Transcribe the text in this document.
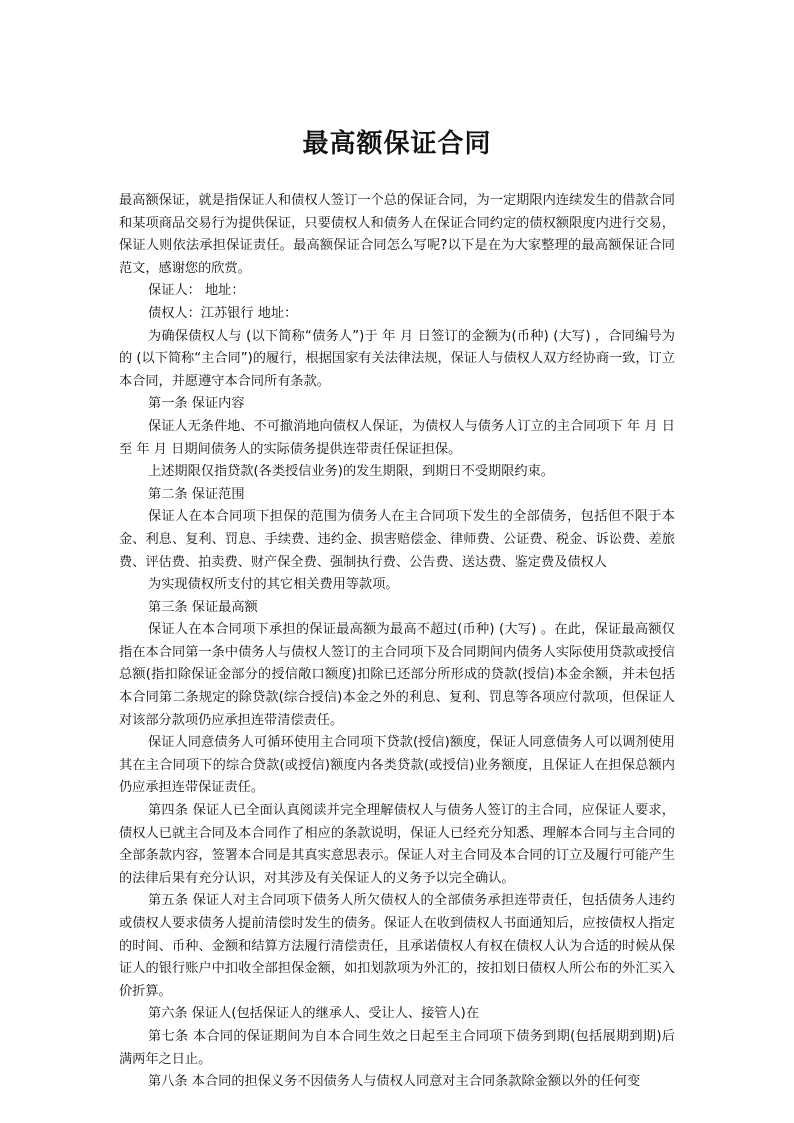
最高额保证合同

最高额保证，就是指保证人和债权人签订一个总的保证合同，为一定期限内连续发生的借款合同和某项商品交易行为提供保证，只要债权人和债务人在保证合同约定的债权额限度内进行交易，保证人则依法承担保证责任。最高额保证合同怎么写呢?以下是在为大家整理的最高额保证合同范文，感谢您的欣赏。

保证人： 地址：

债权人：江苏银行 地址：

为确保债权人与 (以下简称“债务人”)于 年 月 日签订的金额为(币种) (大写) ，合同编号为 的 (以下简称“主合同”)的履行，根据国家有关法律法规，保证人与债权人双方经协商一致，订立本合同，并愿遵守本合同所有条款。

第一条 保证内容

保证人无条件地、不可撤消地向债权人保证，为债权人与债务人订立的主合同项下 年 月 日至 年 月 日期间债务人的实际债务提供连带责任保证担保。

上述期限仅指贷款(各类授信业务)的发生期限，到期日不受期限约束。

第二条 保证范围

保证人在本合同项下担保的范围为债务人在主合同项下发生的全部债务，包括但不限于本金、利息、复利、罚息、手续费、违约金、损害赔偿金、律师费、公证费、税金、诉讼费、差旅费、评估费、拍卖费、财产保全费、强制执行费、公告费、送达费、鉴定费及债权人

为实现债权所支付的其它相关费用等款项。

第三条 保证最高额

保证人在本合同项下承担的保证最高额为最高不超过(币种) (大写) 。在此，保证最高额仅指在本合同第一条中债务人与债权人签订的主合同项下及合同期间内债务人实际使用贷款或授信总额(指扣除保证金部分的授信敞口额度)扣除已还部分所形成的贷款(授信)本金余额，并未包括本合同第二条规定的除贷款(综合授信)本金之外的利息、复利、罚息等各项应付款项，但保证人对该部分款项仍应承担连带清偿责任。

保证人同意债务人可循环使用主合同项下贷款(授信)额度，保证人同意债务人可以调剂使用其在主合同项下的综合贷款(或授信)额度内各类贷款(或授信)业务额度，且保证人在担保总额内仍应承担连带保证责任。

第四条 保证人已全面认真阅读并完全理解债权人与债务人签订的主合同，应保证人要求，债权人已就主合同及本合同作了相应的条款说明，保证人已经充分知悉、理解本合同与主合同的全部条款内容，签署本合同是其真实意思表示。保证人对主合同及本合同的订立及履行可能产生的法律后果有充分认识，对其涉及有关保证人的义务予以完全确认。

第五条 保证人对主合同项下债务人所欠债权人的全部债务承担连带责任，包括债务人违约或债权人要求债务人提前清偿时发生的债务。保证人在收到债权人书面通知后，应按债权人指定的时间、币种、金额和结算方法履行清偿责任，且承诺债权人有权在债权人认为合适的时候从保证人的银行账户中扣收全部担保金额，如扣划款项为外汇的，按扣划日债权人所公布的外汇买入价折算。

第六条 保证人(包括保证人的继承人、受让人、接管人)在

第七条 本合同的保证期间为自本合同生效之日起至主合同项下债务到期(包括展期到期)后满两年之日止。

第八条 本合同的担保义务不因债务人与债权人同意对主合同条款除金额以外的任何变
